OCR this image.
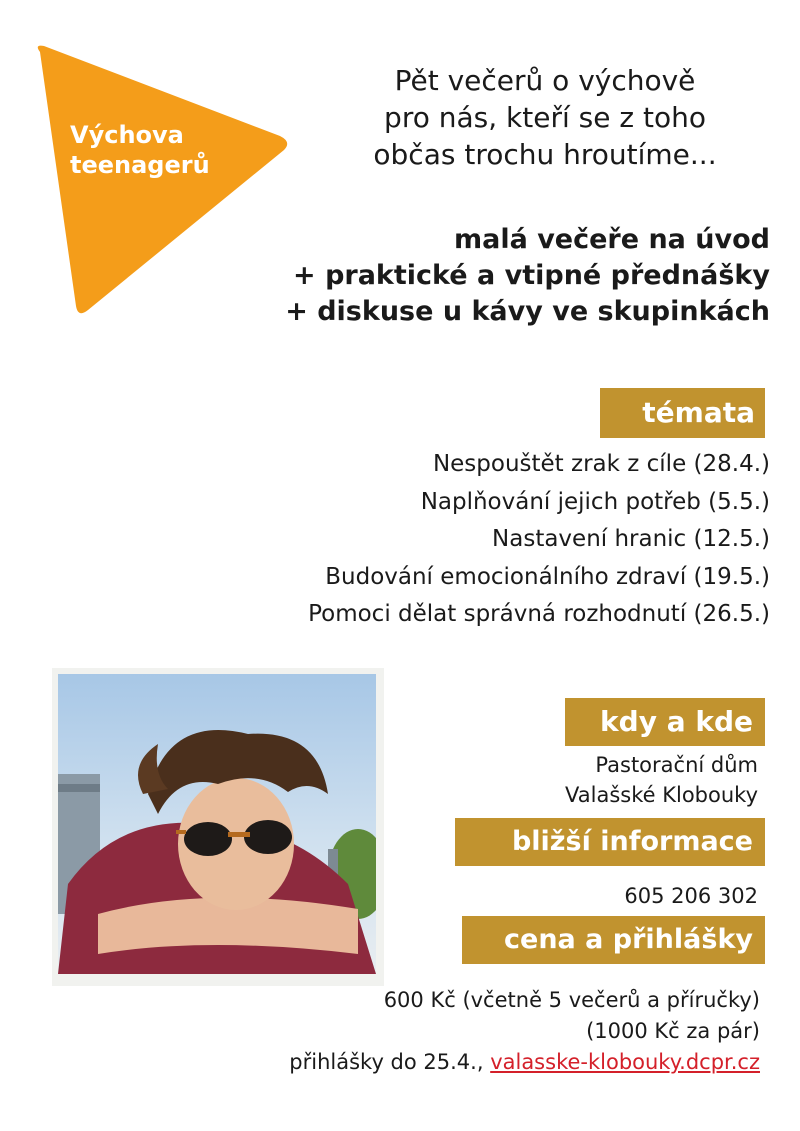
Výchova
teenagerů
Pět večerů o výchově
pro nás, kteří se z toho
občas trochu hroutíme...
malá večeře na úvod
+ praktické a vtipné přednášky
+ diskuse u kávy ve skupinkách
témata
Nespouštět zrak z cíle (28.4.)
Naplňování jejich potřeb (5.5.)
Nastavení hranic (12.5.)
Budování emocionálního zdraví (19.5.)
Pomoci dělat správná rozhodnutí (26.5.)
kdy a kde
Pastorační dům
Valašské Klobouky
bližší informace
605 206 302
cena a přihlášky
600 Kč (včetně 5 večerů a příručky)
(1000 Kč za pár)
přihlášky do 25.4., valasske-klobouky.dcpr.cz
